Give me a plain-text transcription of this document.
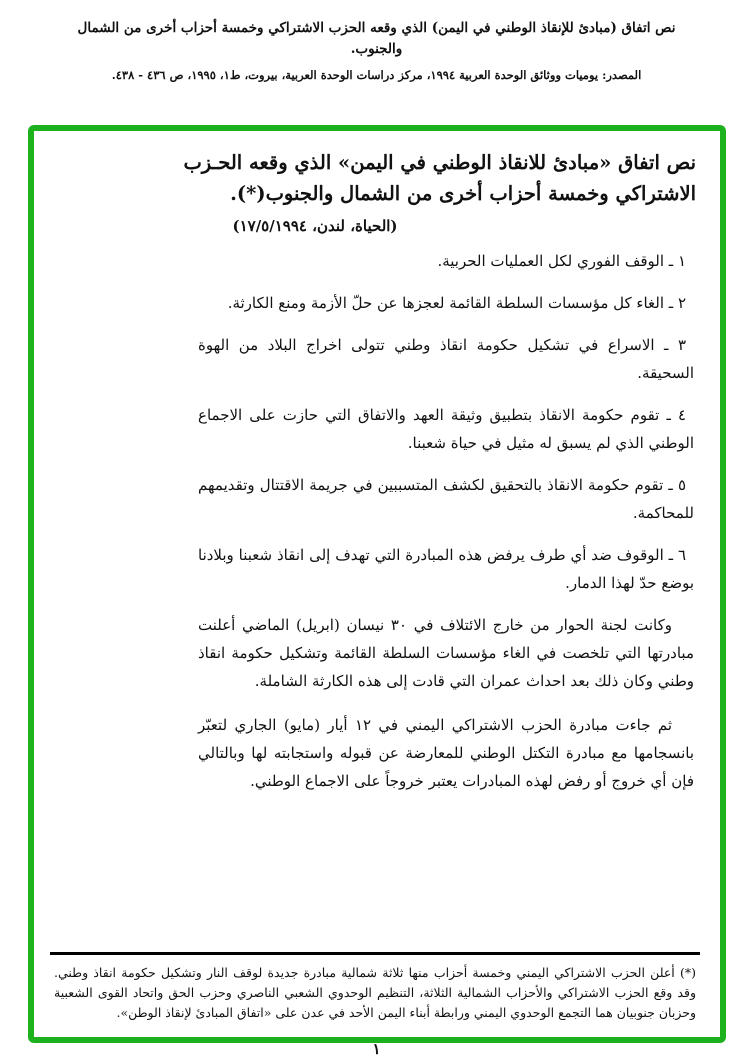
نص اتفاق (مبادئ للإنقاذ الوطني في اليمن) الذي وقعه الحزب الاشتراكي وخمسة أحزاب أخرى من الشمال
والجنوب.
المصدر: يوميات ووثائق الوحدة العربية ١٩٩٤، مركز دراسات الوحدة العربية، بيروت، ط١، ١٩٩٥، ص ٤٣٦ - ٤٣٨.
نص اتفاق «مبادئ للانقاذ الوطني في اليمن» الذي وقعه الحـزب
الاشتراكي وخمسة أحزاب أخرى من الشمال والجنوب(*).
(الحياة، لندن، ١٧/٥/١٩٩٤)

١ ـ الوقف الفوري لكل العمليات الحربية.

٢ ـ الغاء كل مؤسسات السلطة القائمة لعجزها عن حلّ الأزمة ومنع الكارثة.

٣ ـ الاسراع في تشكيل حكومة انقاذ وطني تتولى اخراج البلاد من الهوة السحيقة.

٤ ـ تقوم حكومة الانقاذ بتطبيق وثيقة العهد والاتفاق التي حازت على الاجماع الوطني الذي لم يسبق له مثيل في حياة شعبنا.

٥ ـ تقوم حكومة الانقاذ بالتحقيق لكشف المتسببين في جريمة الاقتتال وتقديمهم للمحاكمة.

٦ ـ الوقوف ضد أي طرف يرفض هذه المبادرة التي تهدف إلى انقاذ شعبنا وبلادنا بوضع حدّ لهذا الدمار.

وكانت لجنة الحوار من خارج الائتلاف في ٣٠ نيسان (ابريل) الماضي أعلنت مبادرتها التي تلخصت في الغاء مؤسسات السلطة القائمة وتشكيل حكومة انقاذ وطني وكان ذلك بعد احداث عمران التي قادت إلى هذه الكارثة الشاملة.

ثم جاءت مبادرة الحزب الاشتراكي اليمني في ١٢ أيار (مايو) الجاري لتعبّر بانسجامها مع مبادرة التكتل الوطني للمعارضة عن قبوله واستجابته لها وبالتالي فإن أي خروج أو رفض لهذه المبادرات يعتبر خروجاً على الاجماع الوطني.

(*) أعلن الحزب الاشتراكي اليمني وخمسة أحزاب منها ثلاثة شمالية مبادرة جديدة لوقف النار وتشكيل حكومة انقاذ وطني. وقد وقع الحزب الاشتراكي والأحزاب الشمالية الثلاثة، التنظيم الوحدوي الشعبي الناصري وحزب الحق واتحاد القوى الشعبية وحزبان جنوبيان هما التجمع الوحدوي اليمني ورابطة أبناء اليمن الأحد في عدن على «اتفاق المبادئ لإنقاذ الوطن».
١
